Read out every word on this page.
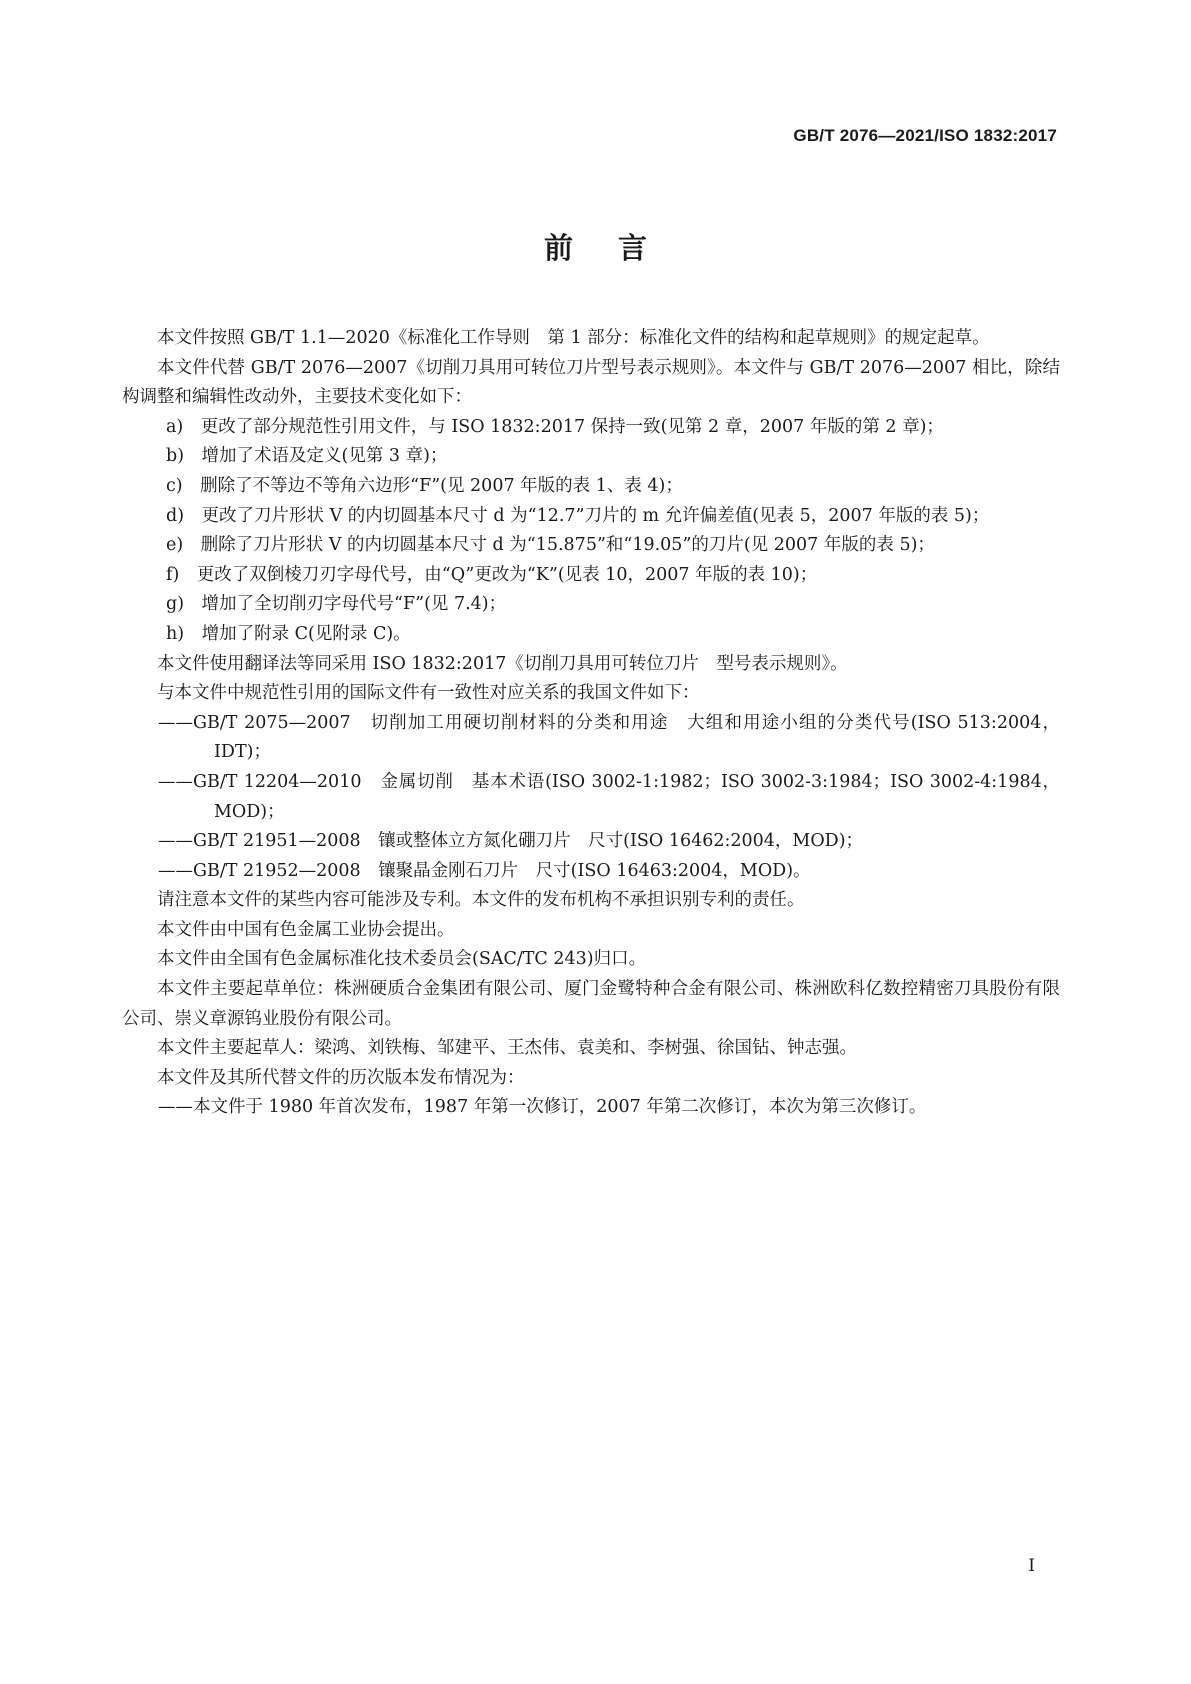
GB/T 2076—2021/ISO 1832:2017
前言

本文件按照 GB/T 1.1—2020《标准化工作导则　第 1 部分：标准化文件的结构和起草规则》的规定起草。

本文件代替 GB/T 2076—2007《切削刀具用可转位刀片型号表示规则》。本文件与 GB/T 2076—2007 相比，除结构调整和编辑性改动外，主要技术变化如下：

a)　更改了部分规范性引用文件，与 ISO 1832:2017 保持一致(见第 2 章，2007 年版的第 2 章)；

b)　增加了术语及定义(见第 3 章)；

c)　删除了不等边不等角六边形“F”(见 2007 年版的表 1、表 4)；

d)　更改了刀片形状 V 的内切圆基本尺寸 d 为“12.7”刀片的 m 允许偏差值(见表 5，2007 年版的表 5)；

e)　删除了刀片形状 V 的内切圆基本尺寸 d 为“15.875”和“19.05”的刀片(见 2007 年版的表 5)；

f)　更改了双倒棱刀刃字母代号，由“Q”更改为“K”(见表 10，2007 年版的表 10)；

g)　增加了全切削刃字母代号“F”(见 7.4)；

h)　增加了附录 C(见附录 C)。

本文件使用翻译法等同采用 ISO 1832:2017《切削刀具用可转位刀片　型号表示规则》。

与本文件中规范性引用的国际文件有一致性对应关系的我国文件如下：

——GB/T 2075—2007　切削加工用硬切削材料的分类和用途　大组和用途小组的分类代号(ISO 513:2004，IDT)；

——GB/T 12204—2010　金属切削　基本术语(ISO 3002-1:1982；ISO 3002-3:1984；ISO 3002-4:1984，MOD)；

——GB/T 21951—2008　镶或整体立方氮化硼刀片　尺寸(ISO 16462:2004，MOD)；

——GB/T 21952—2008　镶聚晶金刚石刀片　尺寸(ISO 16463:2004，MOD)。

请注意本文件的某些内容可能涉及专利。本文件的发布机构不承担识别专利的责任。

本文件由中国有色金属工业协会提出。

本文件由全国有色金属标准化技术委员会(SAC/TC 243)归口。

本文件主要起草单位：株洲硬质合金集团有限公司、厦门金鹭特种合金有限公司、株洲欧科亿数控精密刀具股份有限公司、崇义章源钨业股份有限公司。

本文件主要起草人：梁鸿、刘铁梅、邹建平、王杰伟、袁美和、李树强、徐国钻、钟志强。

本文件及其所代替文件的历次版本发布情况为：

——本文件于 1980 年首次发布，1987 年第一次修订，2007 年第二次修订，本次为第三次修订。

I
